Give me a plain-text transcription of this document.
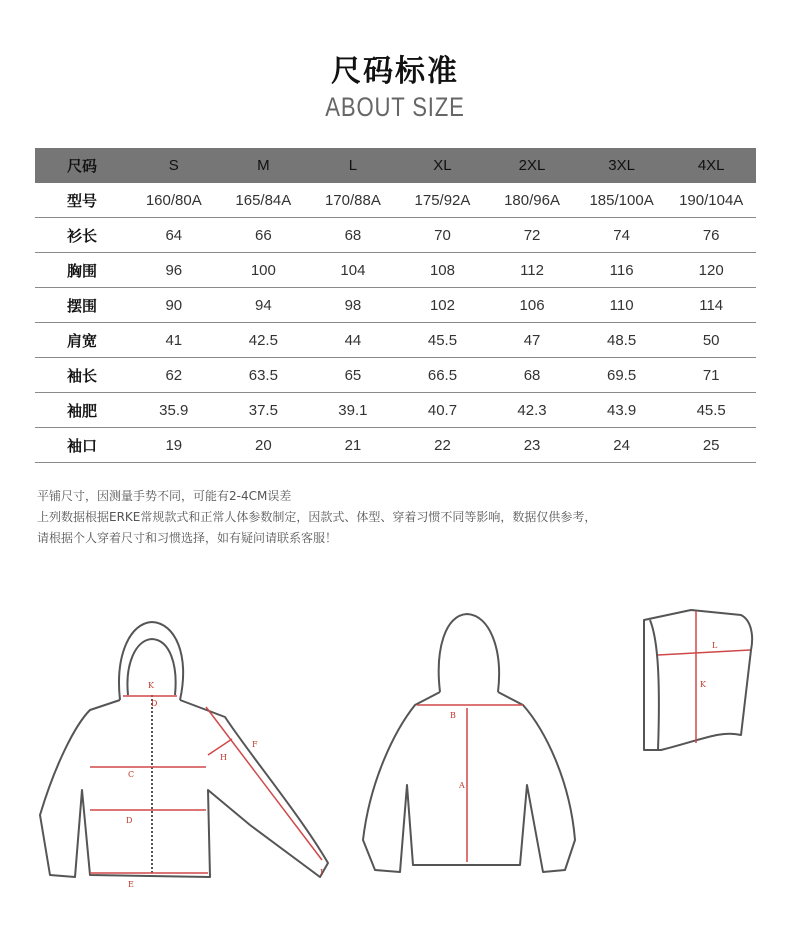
尺码标准
ABOUT SIZE
尺码	S	M	L	XL	2XL	3XL	4XL
型号	160/80A	165/84A	170/88A	175/92A	180/96A	185/100A	190/104A
衫长	64	66	68	70	72	74	76
胸围	96	100	104	108	112	116	120
摆围	90	94	98	102	106	110	114
肩宽	41	42.5	44	45.5	47	48.5	50
袖长	62	63.5	65	66.5	68	69.5	71
袖肥	35.9	37.5	39.1	40.7	42.3	43.9	45.5
袖口	19	20	21	22	23	24	25
平铺尺寸，因测量手势不同，可能有2-4CM误差
上列数据根据ERKE常规款式和正常人体参数制定，因款式、体型、穿着习惯不同等影响，数据仅供参考，
请根据个人穿着尺寸和习惯选择，如有疑问请联系客服！
K
D
C
D
E
F
H
I
B
A
L
K
